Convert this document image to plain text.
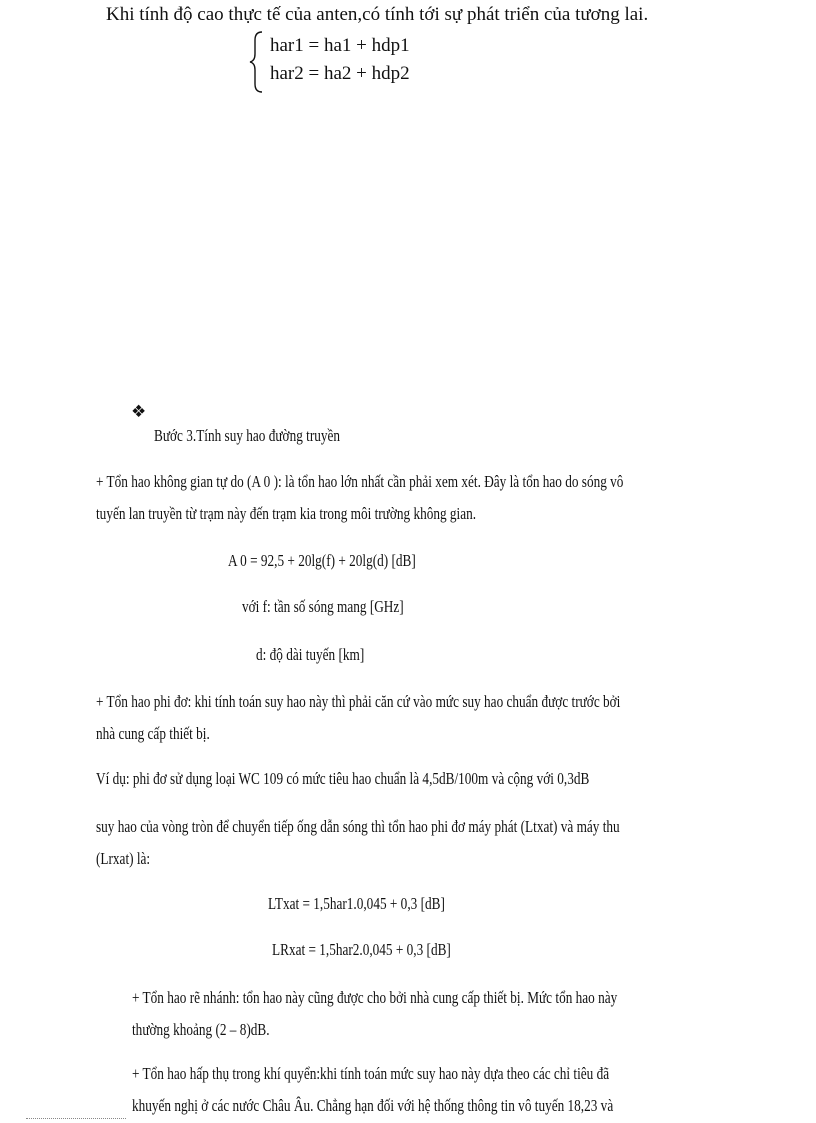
Khi tính độ cao thực tế của anten,có tính tới sự phát triển của tương lai.
har1 = ha1 + hdp1
har2 = ha2 + hdp2
❖
Bước 3.Tính suy hao đường truyền
+ Tổn hao không gian tự do (A 0 ): là tổn hao lớn nhất cần phải xem xét. Đây là tổn hao do sóng vô
tuyến lan truyền từ trạm này đến trạm kia trong môi trường không gian.
A 0 = 92,5 + 20lg(f) + 20lg(d) [dB]
với f: tần số sóng mang [GHz]
d: độ dài tuyến [km]
+ Tổn hao phi đơ: khi tính toán suy hao này thì phải căn cứ vào mức suy hao chuẩn được trước bởi
nhà cung cấp thiết bị.
Ví dụ: phi đơ sử dụng loại WC 109 có mức tiêu hao chuẩn là 4,5dB/100m và cộng với 0,3dB
suy hao của vòng tròn để chuyển tiếp ống dẫn sóng thì tổn hao phi đơ máy phát (Ltxat) và máy thu
(Lrxat) là:
LTxat = 1,5har1.0,045 + 0,3 [dB]
LRxat = 1,5har2.0,045 + 0,3 [dB]
+ Tổn hao rẽ nhánh: tổn hao này cũng được cho bởi nhà cung cấp thiết bị. Mức tổn hao này
thường khoảng (2 – 8)dB.
+ Tổn hao hấp thụ trong khí quyển:khi tính toán mức suy hao này dựa theo các chỉ tiêu đã
khuyến nghị ở các nước Châu Âu. Chẳng hạn đối với hệ thống thông tin vô tuyến 18,23 và
